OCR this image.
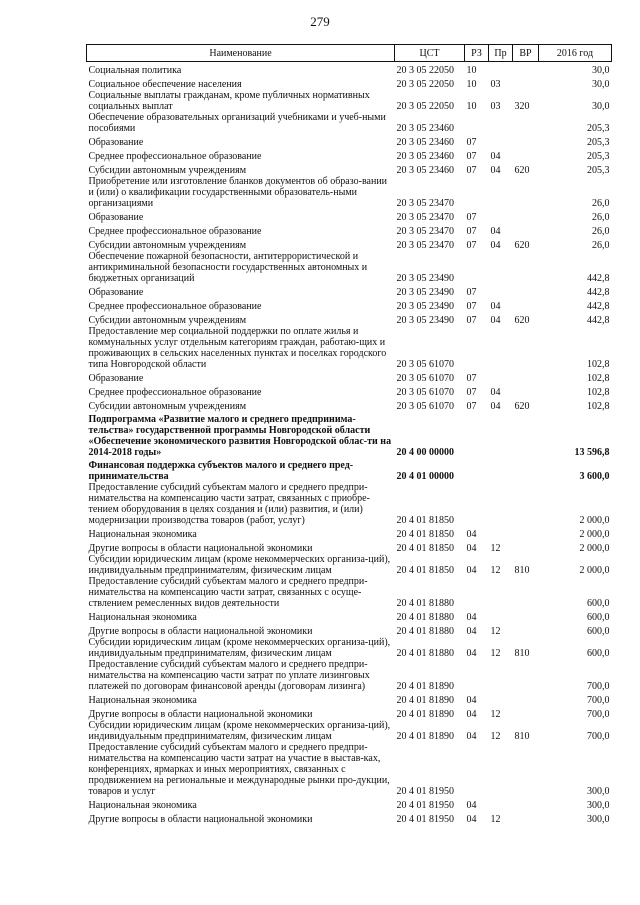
279
Наименование	ЦСТ	РЗ	Пр	ВР	2016 год
Социальная политика	20 3 05 22050	10			30,0
Социальное обеспечение населения	20 3 05 22050	10	03		30,0
Социальные выплаты гражданам, кроме публичных нормативных социальных выплат	20 3 05 22050	10	03	320	30,0
Обеспечение образовательных организаций учебниками и учеб-ными пособиями	20 3 05 23460				205,3
Образование	20 3 05 23460	07			205,3
Среднее профессиональное образование	20 3 05 23460	07	04		205,3
Субсидии автономным учреждениям	20 3 05 23460	07	04	620	205,3
Приобретение или изготовление бланков документов об образо-вании и (или) о квалификации государственными образователь-ными организациями	20 3 05 23470				26,0
Образование	20 3 05 23470	07			26,0
Среднее профессиональное образование	20 3 05 23470	07	04		26,0
Субсидии автономным учреждениям	20 3 05 23470	07	04	620	26,0
Обеспечение пожарной безопасности, антитеррористической и антикриминальной безопасности государственных автономных и бюджетных организаций	20 3 05 23490				442,8
Образование	20 3 05 23490	07			442,8
Среднее профессиональное образование	20 3 05 23490	07	04		442,8
Субсидии автономным учреждениям	20 3 05 23490	07	04	620	442,8
Предоставление мер социальной поддержки по оплате жилья и коммунальных услуг отдельным категориям граждан, работаю-щих и проживающих в сельских населенных пунктах и поселках городского типа Новгородской области	20 3 05 61070				102,8
Образование	20 3 05 61070	07			102,8
Среднее профессиональное образование	20 3 05 61070	07	04		102,8
Субсидии автономным учреждениям	20 3 05 61070	07	04	620	102,8
Подпрограмма «Развитие малого и среднего предпринима-тельства» государственной программы Новгородской области «Обеспечение экономического развития Новгородской облас-ти на 2014-2018 годы»	20 4 00 00000				13 596,8
Финансовая поддержка субъектов малого и среднего пред-принимательства	20 4 01 00000				3 600,0
Предоставление субсидий субъектам малого и среднего предпри-нимательства на компенсацию части затрат, связанных с приобре-тением оборудования в целях создания и (или) развития, и (или) модернизации производства товаров (работ, услуг)	20 4 01 81850				2 000,0
Национальная экономика	20 4 01 81850	04			2 000,0
Другие вопросы в области национальной экономики	20 4 01 81850	04	12		2 000,0
Субсидии юридическим лицам (кроме некоммерческих организа-ций), индивидуальным предпринимателям, физическим лицам	20 4 01 81850	04	12	810	2 000,0
Предоставление субсидий субъектам малого и среднего предпри-нимательства на компенсацию части затрат, связанных с осуще-ствлением ремесленных видов деятельности	20 4 01 81880				600,0
Национальная экономика	20 4 01 81880	04			600,0
Другие вопросы в области национальной экономики	20 4 01 81880	04	12		600,0
Субсидии юридическим лицам (кроме некоммерческих организа-ций), индивидуальным предпринимателям, физическим лицам	20 4 01 81880	04	12	810	600,0
Предоставление субсидий субъектам малого и среднего предпри-нимательства на компенсацию части затрат по уплате лизинговых платежей по договорам финансовой аренды (договорам лизинга)	20 4 01 81890				700,0
Национальная экономика	20 4 01 81890	04			700,0
Другие вопросы в области национальной экономики	20 4 01 81890	04	12		700,0
Субсидии юридическим лицам (кроме некоммерческих организа-ций), индивидуальным предпринимателям, физическим лицам	20 4 01 81890	04	12	810	700,0
Предоставление субсидий субъектам малого и среднего предпри-нимательства на компенсацию части затрат на участие в выстав-ках, конференциях, ярмарках и иных мероприятиях, связанных с продвижением на региональные и международные рынки про-дукции, товаров и услуг	20 4 01 81950				300,0
Национальная экономика	20 4 01 81950	04			300,0
Другие вопросы в области национальной экономики	20 4 01 81950	04	12		300,0
